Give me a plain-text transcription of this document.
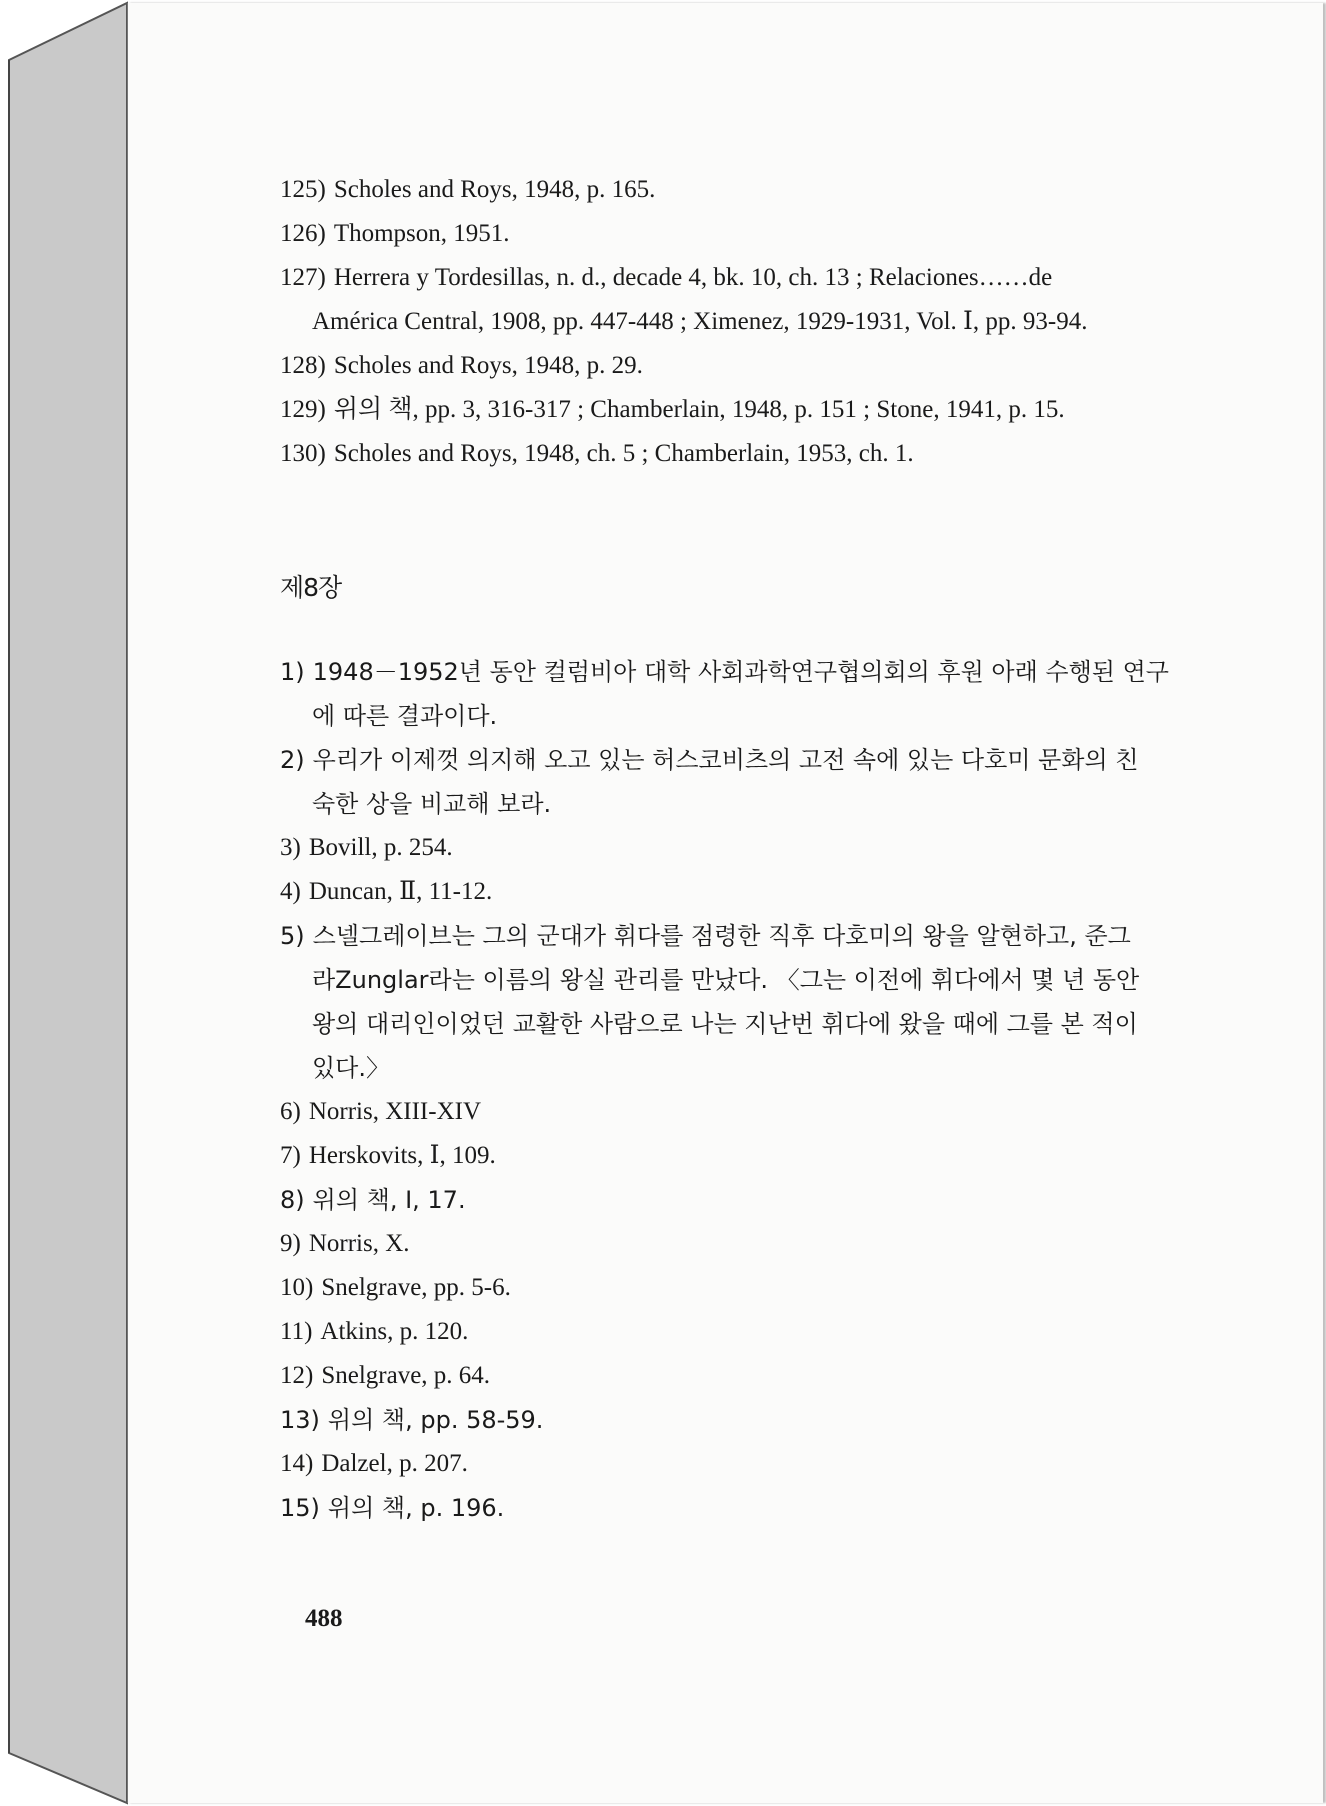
125) Scholes and Roys, 1948, p. 165.

126) Thompson, 1951.

127) Herrera y Tordesillas, n. d., decade 4, bk. 10, ch. 13 ; Relaciones……de

América Central, 1908, pp. 447-448 ; Ximenez, 1929-1931, Vol. Ⅰ, pp. 93-94.

128) Scholes and Roys, 1948, p. 29.

129) 위의 책, pp. 3, 316-317 ; Chamberlain, 1948, p. 151 ; Stone, 1941, p. 15.

130) Scholes and Roys, 1948, ch. 5 ; Chamberlain, 1953, ch. 1.

제8장

1) 1948－1952년 동안 컬럼비아 대학 사회과학연구협의회의 후원 아래 수행된 연구

에 따른 결과이다.

2) 우리가 이제껏 의지해 오고 있는 허스코비츠의 고전 속에 있는 다호미 문화의 친

숙한 상을 비교해 보라.

3) Bovill, p. 254.

4) Duncan, Ⅱ, 11-12.

5) 스넬그레이브는 그의 군대가 휘다를 점령한 직후 다호미의 왕을 알현하고, 준그

라Zunglar라는 이름의 왕실 관리를 만났다. 〈그는 이전에 휘다에서 몇 년 동안

왕의 대리인이었던 교활한 사람으로 나는 지난번 휘다에 왔을 때에 그를 본 적이

있다.〉

6) Norris, XIII-XIV

7) Herskovits, Ⅰ, 109.

8) 위의 책, Ⅰ, 17.

9) Norris, X.

10) Snelgrave, pp. 5-6.

11) Atkins, p. 120.

12) Snelgrave, p. 64.

13) 위의 책, pp. 58-59.

14) Dalzel, p. 207.

15) 위의 책, p. 196.

488
